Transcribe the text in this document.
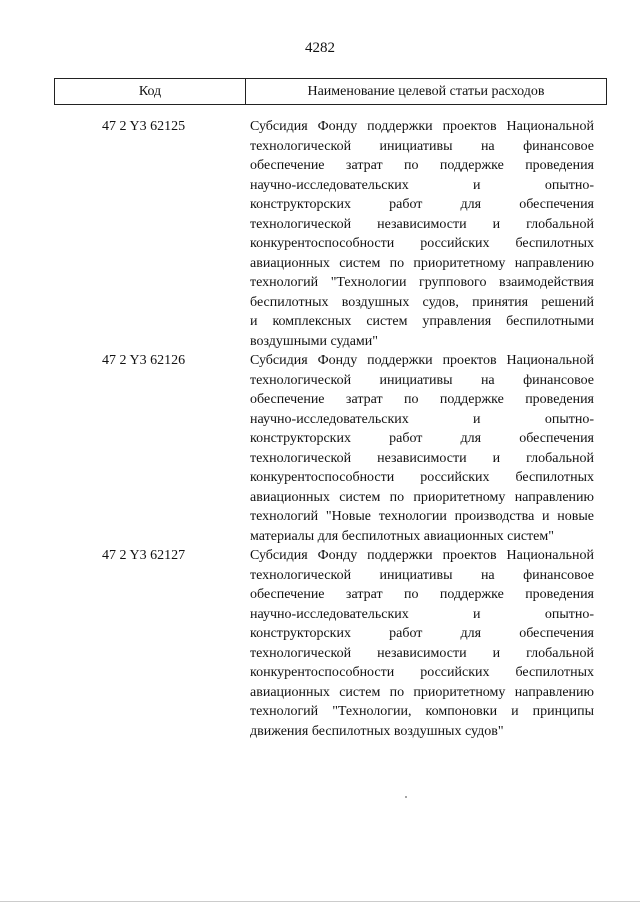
4282
Код	Наименование целевой статьи расходов
47 2 Y3 62125	Субсидия Фонду поддержки проектов Национальной
технологической инициативы на финансовое
обеспечение затрат по поддержке проведения
научно-исследовательских и опытно-
конструкторских работ для обеспечения
технологической независимости и глобальной
конкурентоспособности российских беспилотных
авиационных систем по приоритетному направлению
технологий "Технологии группового взаимодействия
беспилотных воздушных судов, принятия решений
и комплексных систем управления беспилотными
воздушными судами"
47 2 Y3 62126	Субсидия Фонду поддержки проектов Национальной
технологической инициативы на финансовое
обеспечение затрат по поддержке проведения
научно-исследовательских и опытно-
конструкторских работ для обеспечения
технологической независимости и глобальной
конкурентоспособности российских беспилотных
авиационных систем по приоритетному направлению
технологий "Новые технологии производства и новые
материалы для беспилотных авиационных систем"
47 2 Y3 62127	Субсидия Фонду поддержки проектов Национальной
технологической инициативы на финансовое
обеспечение затрат по поддержке проведения
научно-исследовательских и опытно-
конструкторских работ для обеспечения
технологической независимости и глобальной
конкурентоспособности российских беспилотных
авиационных систем по приоритетному направлению
технологий "Технологии, компоновки и принципы
движения беспилотных воздушных судов"
